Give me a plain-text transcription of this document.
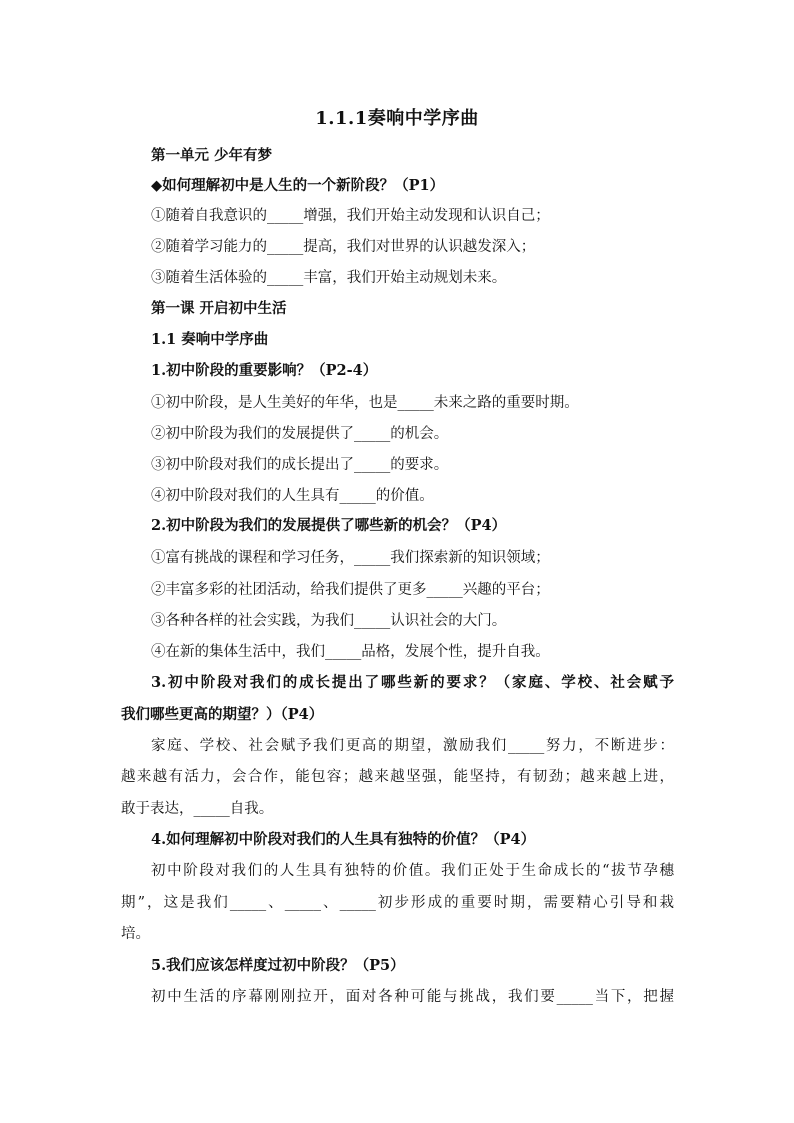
1.1.1奏响中学序曲
第一单元 少年有梦
◆如何理解初中是人生的一个新阶段？（P1）
①随着自我意识的_____增强，我们开始主动发现和认识自己；
②随着学习能力的_____提高，我们对世界的认识越发深入；
③随着生活体验的_____丰富，我们开始主动规划未来。
第一课 开启初中生活
1.1 奏响中学序曲
1.初中阶段的重要影响？（P2-4）
①初中阶段，是人生美好的年华，也是_____未来之路的重要时期。
②初中阶段为我们的发展提供了_____的机会。
③初中阶段对我们的成长提出了_____的要求。
④初中阶段对我们的人生具有_____的价值。
2.初中阶段为我们的发展提供了哪些新的机会？（P4）
①富有挑战的课程和学习任务，_____我们探索新的知识领域；
②丰富多彩的社团活动，给我们提供了更多_____兴趣的平台；
③各种各样的社会实践，为我们_____认识社会的大门。
④在新的集体生活中，我们_____品格，发展个性，提升自我。
3.初中阶段对我们的成长提出了哪些新的要求？（家庭、学校、社会赋予
我们哪些更高的期望？）（P4）
家庭、学校、社会赋予我们更高的期望，激励我们_____努力，不断进步：
越来越有活力，会合作，能包容；越来越坚强，能坚持，有韧劲；越来越上进，
敢于表达，_____自我。
4.如何理解初中阶段对我们的人生具有独特的价值？（P4）
初中阶段对我们的人生具有独特的价值。我们正处于生命成长的“拔节孕穗
期”，这是我们_____、_____、_____初步形成的重要时期，需要精心引导和栽
培。
5.我们应该怎样度过初中阶段？（P5）
初中生活的序幕刚刚拉开，面对各种可能与挑战，我们要_____当下，把握
